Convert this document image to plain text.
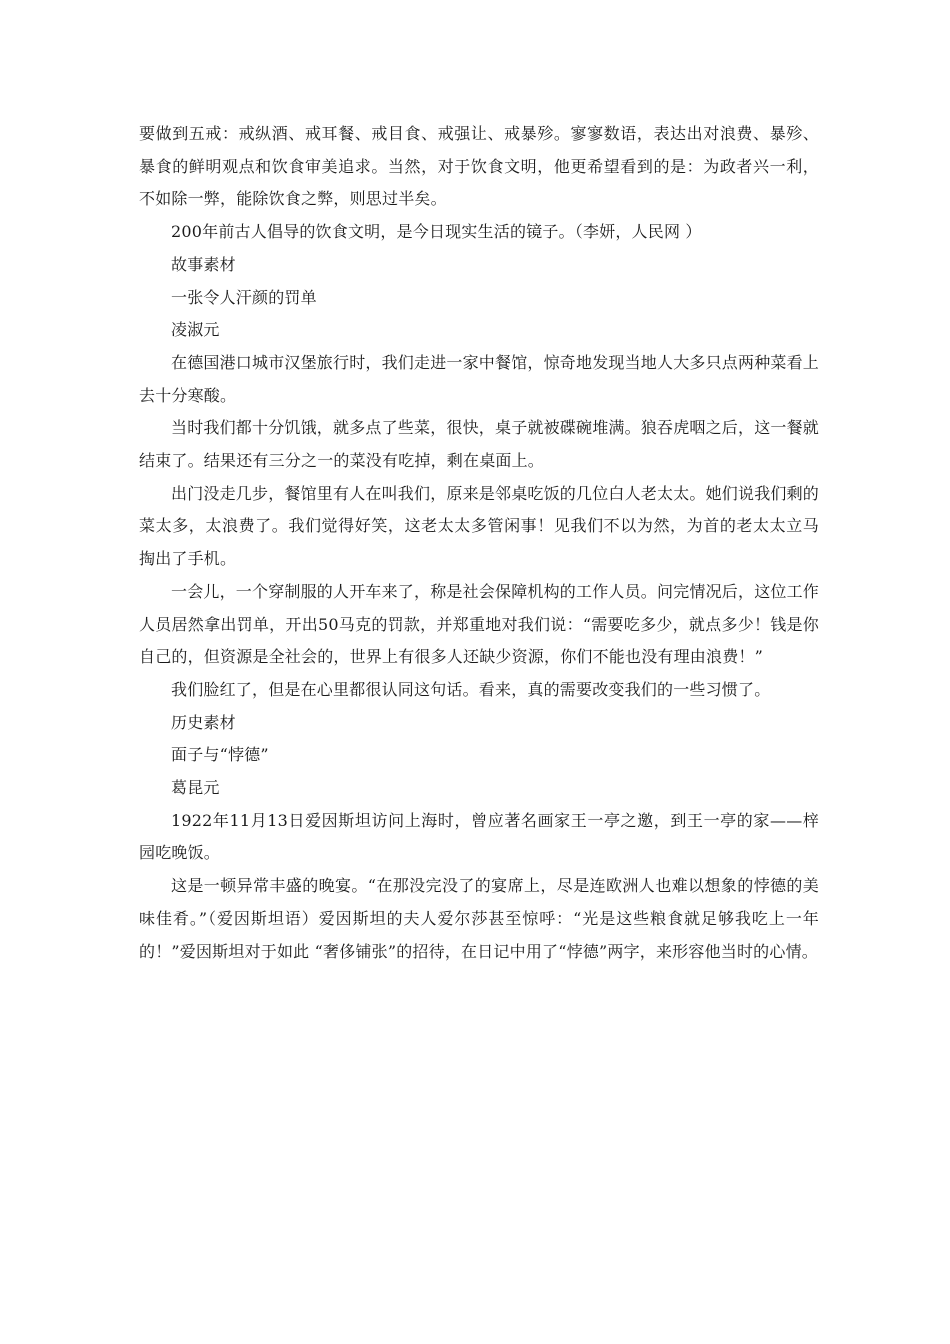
要做到五戒：戒纵酒、戒耳餐、戒目食、戒强让、戒暴殄。寥寥数语，表达出对浪费、暴殄、暴食的鲜明观点和饮食审美追求。当然，对于饮食文明，他更希望看到的是：为政者兴一利，不如除一弊，能除饮食之弊，则思过半矣。

200年前古人倡导的饮食文明，是今日现实生活的镜子。（李妍，人民网 ）

故事素材

一张令人汗颜的罚单

凌淑元

在德国港口城市汉堡旅行时，我们走进一家中餐馆，惊奇地发现当地人大多只点两种菜看上去十分寒酸。

当时我们都十分饥饿，就多点了些菜，很快，桌子就被碟碗堆满。狼吞虎咽之后，这一餐就结束了。结果还有三分之一的菜没有吃掉，剩在桌面上。

出门没走几步，餐馆里有人在叫我们，原来是邻桌吃饭的几位白人老太太。她们说我们剩的菜太多，太浪费了。我们觉得好笑，这老太太多管闲事！见我们不以为然，为首的老太太立马掏出了手机。

一会儿，一个穿制服的人开车来了，称是社会保障机构的工作人员。问完情况后，这位工作人员居然拿出罚单，开出50马克的罚款，并郑重地对我们说：“需要吃多少，就点多少！钱是你自己的，但资源是全社会的，世界上有很多人还缺少资源，你们不能也没有理由浪费！”

我们脸红了，但是在心里都很认同这句话。看来，真的需要改变我们的一些习惯了。

历史素材

面子与“悖德”

葛昆元

1922年11月13日爱因斯坦访问上海时，曾应著名画家王一亭之邀，到王一亭的家——梓园吃晚饭。

这是一顿异常丰盛的晚宴。“在那没完没了的宴席上，尽是连欧洲人也难以想象的悖德的美味佳肴。”（爱因斯坦语）爱因斯坦的夫人爱尔莎甚至惊呼：“光是这些粮食就足够我吃上一年的！”爱因斯坦对于如此 “奢侈铺张”的招待，在日记中用了“悖德”两字，来形容他当时的心情。
